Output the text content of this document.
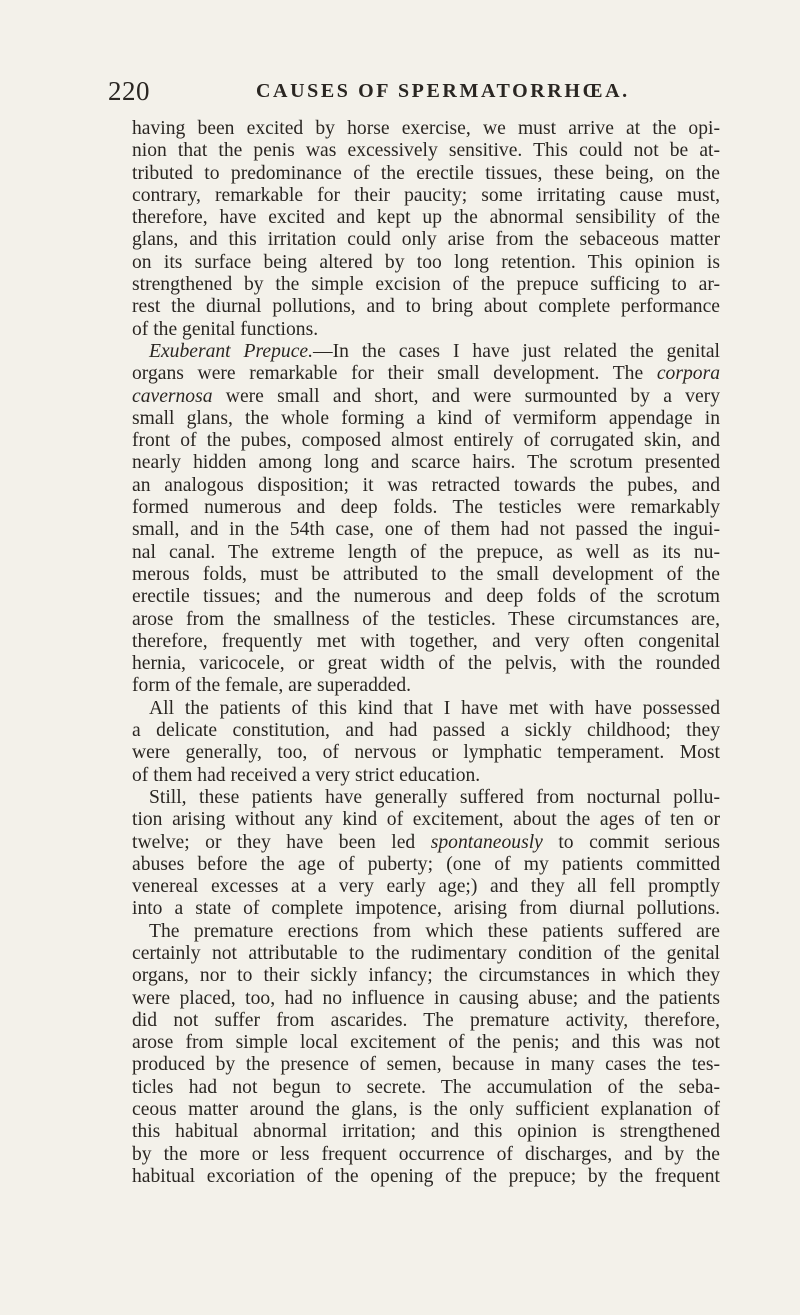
220	CAUSES OF SPERMATORRHŒA.
having been excited by horse exercise, we must arrive at the opi-
nion that the penis was excessively sensitive. This could not be at-
tributed to predominance of the erectile tissues, these being, on the
contrary, remarkable for their paucity; some irritating cause must,
therefore, have excited and kept up the abnormal sensibility of the
glans, and this irritation could only arise from the sebaceous matter
on its surface being altered by too long retention. This opinion is
strengthened by the simple excision of the prepuce sufficing to ar-
rest the diurnal pollutions, and to bring about complete performance
of the genital functions.
Exuberant Prepuce.—In the cases I have just related the genital
organs were remarkable for their small development. The corpora
cavernosa were small and short, and were surmounted by a very
small glans, the whole forming a kind of vermiform appendage in
front of the pubes, composed almost entirely of corrugated skin, and
nearly hidden among long and scarce hairs. The scrotum presented
an analogous disposition; it was retracted towards the pubes, and
formed numerous and deep folds. The testicles were remarkably
small, and in the 54th case, one of them had not passed the ingui-
nal canal. The extreme length of the prepuce, as well as its nu-
merous folds, must be attributed to the small development of the
erectile tissues; and the numerous and deep folds of the scrotum
arose from the smallness of the testicles. These circumstances are,
therefore, frequently met with together, and very often congenital
hernia, varicocele, or great width of the pelvis, with the rounded
form of the female, are superadded.
All the patients of this kind that I have met with have possessed
a delicate constitution, and had passed a sickly childhood; they
were generally, too, of nervous or lymphatic temperament. Most
of them had received a very strict education.
Still, these patients have generally suffered from nocturnal pollu-
tion arising without any kind of excitement, about the ages of ten or
twelve; or they have been led spontaneously to commit serious
abuses before the age of puberty; (one of my patients committed
venereal excesses at a very early age;) and they all fell promptly
into a state of complete impotence, arising from diurnal pollutions.
The premature erections from which these patients suffered are
certainly not attributable to the rudimentary condition of the genital
organs, nor to their sickly infancy; the circumstances in which they
were placed, too, had no influence in causing abuse; and the patients
did not suffer from ascarides. The premature activity, therefore,
arose from simple local excitement of the penis; and this was not
produced by the presence of semen, because in many cases the tes-
ticles had not begun to secrete. The accumulation of the seba-
ceous matter around the glans, is the only sufficient explanation of
this habitual abnormal irritation; and this opinion is strengthened
by the more or less frequent occurrence of discharges, and by the
habitual excoriation of the opening of the prepuce; by the frequent
